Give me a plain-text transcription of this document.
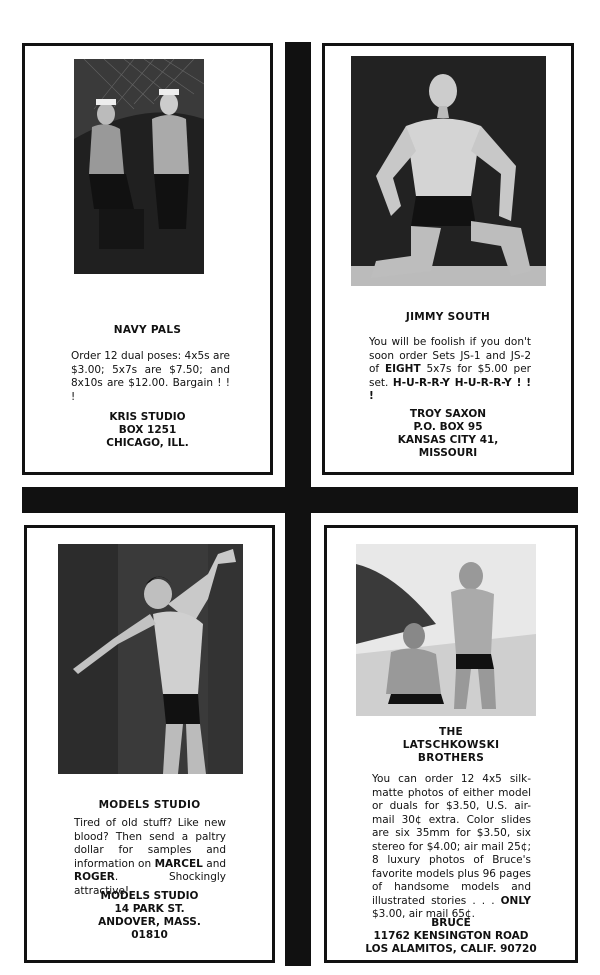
NAVY PALS
Order 12 dual poses: 4x5s are $3.00; 5x7s are $7.50; and 8x10s are $12.00. Bargain ! ! !
KRIS STUDIO
BOX 1251
CHICAGO, ILL.
JIMMY SOUTH
You will be foolish if you don't soon order Sets JS-1 and JS-2 of EIGHT 5x7s for $5.00 per set. H-U-R-R-Y H-U-R-R-Y ! ! !
TROY SAXON
P.O. BOX 95
KANSAS CITY 41,
MISSOURI
MODELS STUDIO
Tired of old stuff? Like new blood? Then send a paltry dollar for samples and information on MARCEL and ROGER. Shockingly attractive!
MODELS STUDIO
14 PARK ST.
ANDOVER, MASS.
01810
THE
LATSCHKOWSKI
BROTHERS
You can order 12 4x5 silk-matte photos of either model or duals for $3.50, U.S. air-mail 30¢ extra. Color slides are six 35mm for $3.50, six stereo for $4.00; air mail 25¢; 8 luxury photos of Bruce's favorite models plus 96 pages of handsome models and illustrated stories . . . ONLY $3.00, air mail 65¢.
BRUCE
11762 KENSINGTON ROAD
LOS ALAMITOS, CALIF. 90720
